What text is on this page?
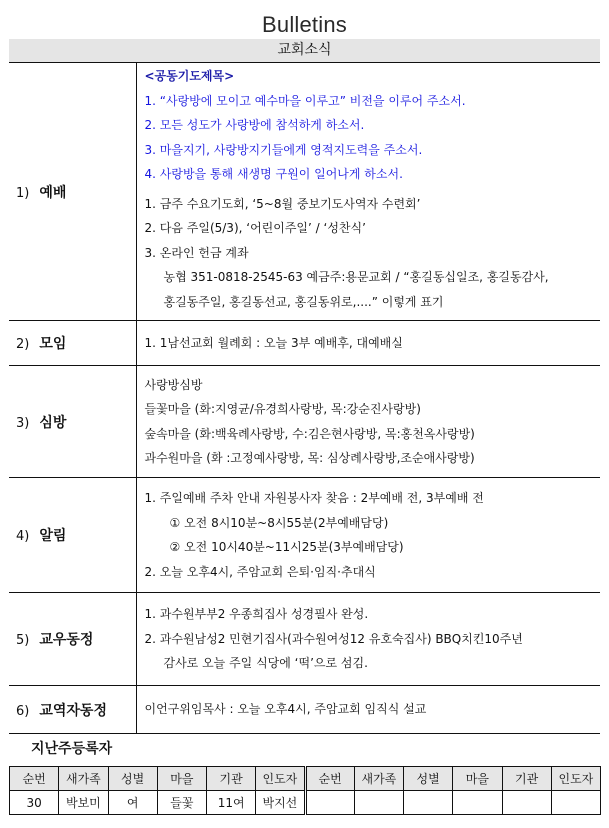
Bulletins
교회소식
1) 예배	
<공동기도제목>
1. “사랑방에 모이고 예수마을 이루고” 비전을 이루어 주소서.
2. 모든 성도가 사랑방에 참석하게 하소서.
3. 마을지기, 사랑방지기들에게 영적지도력을 주소서.
4. 사랑방을 통해 새생명 구원이 일어나게 하소서.
1. 금주 수요기도회, ‘5~8월 중보기도사역자 수련회’
2. 다음 주일(5/3), ‘어린이주일’ / ‘성찬식’
3. 온라인 헌금 계좌
농협 351-0818-2545-63 예금주:용문교회 / “홍길동십일조, 홍길동감사,
홍길동주일, 홍길동선교, 홍길동위로,....” 이렇게 표기

2) 모임	1. 1남선교회 월례회 : 오늘 3부 예배후, 대예배실

3) 심방	사랑방심방
들꽃마을 (화:지영균/유경희사랑방, 목:강순진사랑방)
숲속마을 (화:백육례사랑방, 수:김은현사랑방, 목:홍천옥사랑방)
과수원마을 (화 :고정예사랑방, 목: 심상례사랑방,조순애사랑방)

4) 알림	1. 주일예배 주차 안내 자원봉사자 찾음 : 2부예배 전, 3부예배 전
① 오전 8시10분~8시55분(2부예배담당)
② 오전 10시40분~11시25분(3부예배담당)
2. 오늘 오후4시, 주암교회 은퇴·임직·추대식

5) 교우동정	1. 과수원부부2 우종희집사 성경필사 완성.
2. 과수원남성2 민현기집사(과수원여성12 유호숙집사) BBQ치킨10주년
감사로 오늘 주일 식당에 ‘떡’으로 섬김.

6) 교역자동정	이언구위임목사 : 오늘 오후4시, 주암교회 임직식 설교
지난주등록자
순번	새가족	성별	마을	기관	인도자	순번	새가족	성별	마을	기관	인도자
30	박보미	여	들꽃	11여	박지선						
